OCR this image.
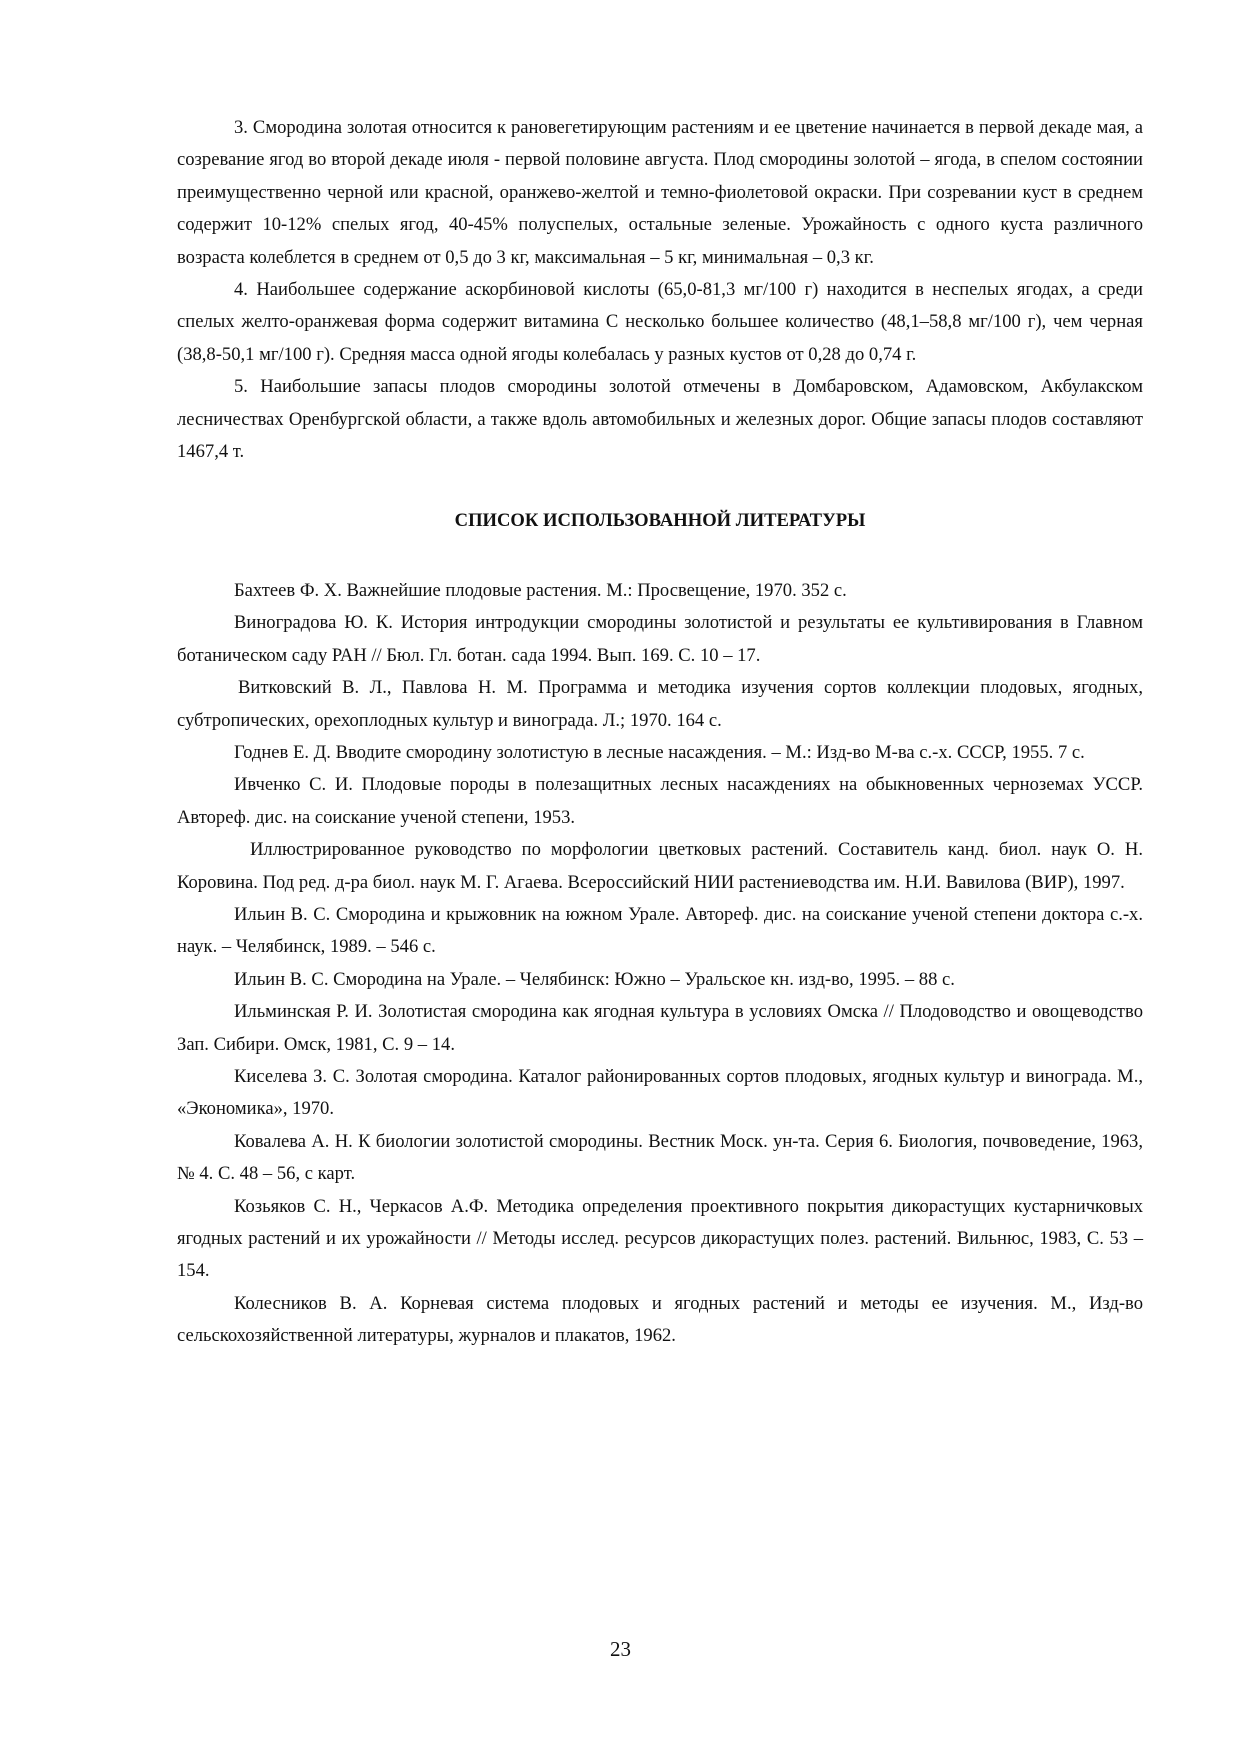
3. Смородина золотая относится к рановегетирующим растениям и ее цветение начинается в первой декаде мая, а созревание ягод во второй декаде июля - первой половине августа. Плод смородины золотой – ягода, в спелом состоянии преимущественно черной или красной, оранжево-желтой и темно-фиолетовой окраски. При созревании куст в среднем содержит 10-12% спелых ягод, 40-45% полуспелых, остальные зеленые. Урожайность с одного куста различного возраста колеблется в среднем от 0,5 до 3 кг, максимальная – 5 кг, минимальная – 0,3 кг.

4. Наибольшее содержание аскорбиновой кислоты (65,0-81,3 мг/100 г) находится в неспелых ягодах, а среди спелых желто-оранжевая форма содержит витамина С несколько большее количество (48,1–58,8 мг/100 г), чем черная (38,8-50,1 мг/100 г). Средняя масса одной ягоды колебалась у разных кустов от 0,28 до 0,74 г.

5. Наибольшие запасы плодов смородины золотой отмечены в Домбаровском, Адамовском, Акбулакском лесничествах Оренбургской области, а также вдоль автомобильных и железных дорог. Общие запасы плодов составляют 1467,4 т.

СПИСОК ИСПОЛЬЗОВАННОЙ ЛИТЕРАТУРЫ

Бахтеев Ф. Х. Важнейшие плодовые растения. М.: Просвещение, 1970. 352 с.

Виноградова Ю. К. История интродукции смородины золотистой и результаты ее культивирования в Главном ботаническом саду РАН // Бюл. Гл. ботан. сада 1994. Вып. 169. С. 10 – 17.

Витковский В. Л., Павлова Н. М. Программа и методика изучения сортов коллекции плодовых, ягодных, субтропических, орехоплодных культур и винограда. Л.; 1970. 164 с.

Годнев Е. Д. Вводите смородину золотистую в лесные насаждения. – М.: Изд-во М-ва с.-х. СССР, 1955. 7 с.

Ивченко С. И. Плодовые породы в полезащитных лесных насаждениях на обыкновенных черноземах УССР. Автореф. дис. на соискание ученой степени, 1953.

Иллюстрированное руководство по морфологии цветковых растений. Составитель канд. биол. наук О. Н. Коровина. Под ред. д-ра биол. наук М. Г. Агаева. Всероссийский НИИ растениеводства им. Н.И. Вавилова (ВИР), 1997.

Ильин В. С. Смородина и крыжовник на южном Урале. Автореф. дис. на соискание ученой степени доктора с.-х. наук. – Челябинск, 1989. – 546 с.

Ильин В. С. Смородина на Урале. – Челябинск: Южно – Уральское кн. изд-во, 1995. – 88 с.

Ильминская Р. И. Золотистая смородина как ягодная культура в условиях Омска // Плодоводство и овощеводство Зап. Сибири. Омск, 1981, С. 9 – 14.

Киселева З. С. Золотая смородина. Каталог районированных сортов плодовых, ягодных культур и винограда. М., «Экономика», 1970.

Ковалева А. Н. К биологии золотистой смородины. Вестник Моск. ун-та. Серия 6. Биология, почвоведение, 1963, № 4. С. 48 – 56, с карт.

Козьяков С. Н., Черкасов А.Ф. Методика определения проективного покрытия дикорастущих кустарничковых ягодных растений и их урожайности // Методы исслед. ресурсов дикорастущих полез. растений. Вильнюс, 1983, С. 53 – 154.

Колесников В. А. Корневая система плодовых и ягодных растений и методы ее изучения. М., Изд-во сельскохозяйственной литературы, журналов и плакатов, 1962.

23
